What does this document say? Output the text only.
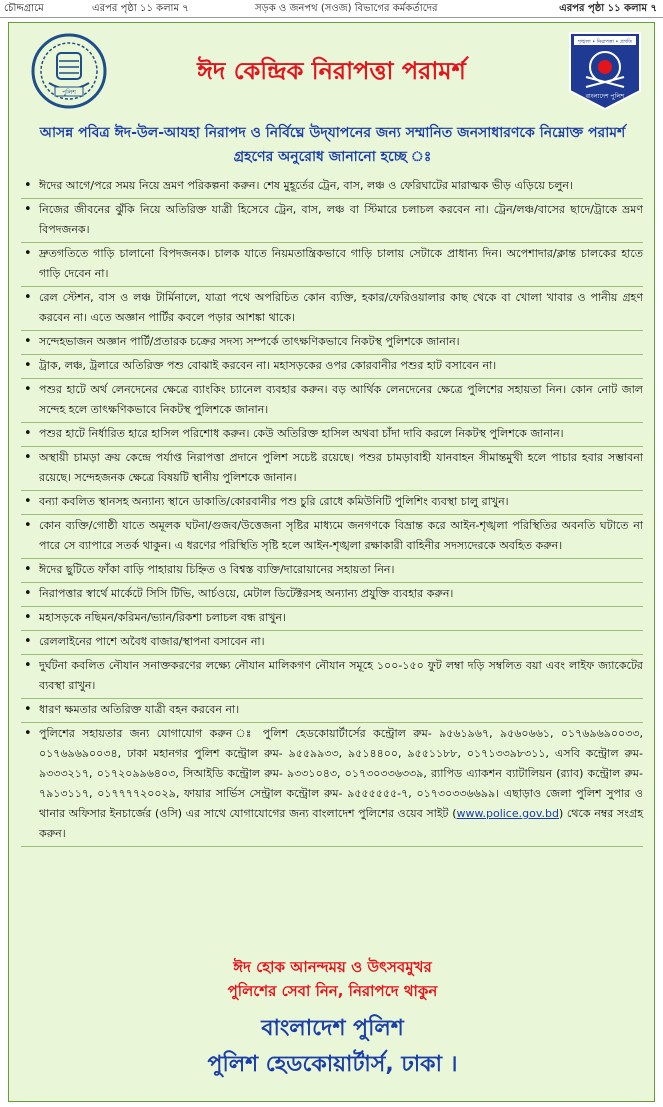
চৌদ্দগ্রামে	এরপর পৃষ্ঠা ১১ কলাম ৭	সড়ক ও জনপথ (সওজ) বিভাগের কর্মকর্তাদের	এরপর পৃষ্ঠা ১১ কলাম ৭
পুলিশ
শৃঙ্খলা • নিরাপত্তা • প্রগতি
বাংলাদেশ পুলিশ
ঈদ কেন্দ্রিক নিরাপত্তা পরামর্শ
আসন্ন পবিত্র ঈদ-উল-আযহা নিরাপদ ও নির্বিঘ্নে উদ্‌যাপনের জন্য সম্মানিত জনসাধারণকে নিম্নোক্ত পরামর্শ গ্রহণের অনুরোধ জানানো হচ্ছে ঃ
• ঈদের আগে/পরে সময় নিয়ে ভ্রমণ পরিকল্পনা করুন। শেষ মুহূর্তের ট্রেন, বাস, লঞ্চ ও ফেরিঘাটের মারাত্মক ভীড় এড়িয়ে চলুন।
• নিজের জীবনের ঝুঁকি নিয়ে অতিরিক্ত যাত্রী হিসেবে ট্রেন, বাস, লঞ্চ বা স্টিমারে চলাচল করবেন না। ট্রেন/লঞ্চ/বাসের ছাদে/ট্রাকে ভ্রমণ বিপদজনক।
• দ্রুতগতিতে গাড়ি চালানো বিপদজনক। চালক যাতে নিয়মতান্ত্রিকভাবে গাড়ি চালায় সেটাকে প্রাধান্য দিন। অপেশাদার/ক্লান্ত চালকের হাতে গাড়ি দেবেন না।
• রেল স্টেশন, বাস ও লঞ্চ টার্মিনালে, যাত্রা পথে অপরিচিত কোন ব্যক্তি, হকার/ফেরিওয়ালার কাছ থেকে বা খোলা খাবার ও পানীয় গ্রহণ করবেন না। এতে অজ্ঞান পার্টির কবলে পড়ার আশঙ্কা থাকে।
• সন্দেহভাজন অজ্ঞান পার্টি/প্রতারক চক্রের সদস্য সম্পর্কে তাৎক্ষণিকভাবে নিকটস্থ পুলিশকে জানান।
• ট্রাক, লঞ্চ, ট্রলারে অতিরিক্ত পশু বোঝাই করবেন না। মহাসড়কের ওপর কোরবানীর পশুর হাট বসাবেন না।
• পশুর হাটে অর্থ লেনদেনের ক্ষেত্রে ব্যাংকিং চ্যানেল ব্যবহার করুন। বড় আর্থিক লেনদেনের ক্ষেত্রে পুলিশের সহায়তা নিন। কোন নোট জাল সন্দেহ হলে তাৎক্ষণিকভাবে নিকটস্থ পুলিশকে জানান।
• পশুর হাটে নির্ধারিত হারে হাসিল পরিশোধ করুন। কেউ অতিরিক্ত হাসিল অথবা চাঁদা দাবি করলে নিকটস্থ পুলিশকে জানান।
• অস্থায়ী চামড়া ক্রয় কেন্দ্রে পর্যাপ্ত নিরাপত্তা প্রদানে পুলিশ সচেষ্ট রয়েছে। পশুর চামড়াবাহী যানবাহন সীমান্তমুখী হলে পাচার হবার সম্ভাবনা রয়েছে। সন্দেহজনক ক্ষেত্রে বিষয়টি স্থানীয় পুলিশকে জানান।
• বন্যা কবলিত স্থানসহ অন্যান্য স্থানে ডাকাতি/কোরবানীর পশু চুরি রোধে কমিউনিটি পুলিশিং ব্যবস্থা চালু রাখুন।
• কোন ব্যক্তি/গোষ্ঠী যাতে অমূলক ঘটনা/গুজব/উত্তেজনা সৃষ্টির মাধ্যমে জনগণকে বিভ্রান্ত করে আইন-শৃঙ্খলা পরিস্থিতির অবনতি ঘটাতে না পারে সে ব্যাপারে সতর্ক থাকুন। এ ধরণের পরিস্থিতি সৃষ্টি হলে আইন-শৃঙ্খলা রক্ষাকারী বাহিনীর সদস্যদেরকে অবহিত করুন।
• ঈদের ছুটিতে ফাঁকা বাড়ি পাহারায় চিহ্নিত ও বিশ্বস্ত ব্যক্তি/দারোয়ানের সহায়তা নিন।
• নিরাপত্তার স্বার্থে মার্কেটে সিসি টিভি, আর্চওয়ে, মেটাল ডিটেক্টরসহ অন্যান্য প্রযুক্তি ব্যবহার করুন।
• মহাসড়কে নছিমন/করিমন/ভ্যান/রিকশা চলাচল বন্ধ রাখুন।
• রেললাইনের পাশে অবৈধ বাজার/স্থাপনা বসাবেন না।
• দুর্ঘটনা কবলিত নৌযান সনাক্তকরণের লক্ষ্যে নৌযান মালিকগণ নৌযান সমূহে ১০০-১৫০ ফুট লম্বা দড়ি সম্বলিত বয়া এবং লাইফ জ্যাকেটের ব্যবস্থা রাখুন।
• ধারণ ক্ষমতার অতিরিক্ত যাত্রী বহন করবেন না।
• পুলিশের সহায়তার জন্য যোগাযোগ করুন ঃ পুলিশ হেডকোয়ার্টার্সের কন্ট্রোল রুম- ৯৫৬১৯৬৭, ৯৫৬০৬৬১, ০১৭৬৯৬৯০০৩৩, ০১৭৬৯৬৯০০৩৪, ঢাকা মহানগর পুলিশ কন্ট্রোল রুম- ৯৫৫৯৯৩৩, ৯৫১৪৪০০, ৯৫৫১১৮৮, ০১৭১৩৩৯৮৩১১, এসবি কন্ট্রোল রুম- ৯৩৩৩২১৭, ০১৭২০৯৯৬৪০৩, সিআইডি কন্ট্রোল রুম- ৯৩৩১০৪৩, ০১৭৩০৩৩৬৩৩৯, র‍্যাপিড এ্যাকশন ব্যাটালিয়ন (র‍্যাব) কন্ট্রোল রুম- ৭৯১৩১১৭, ০১৭৭৭৭২০০২৯, ফায়ার সার্ভিস সেন্ট্রাল কন্ট্রোল রুম- ৯৫৫৫৫৫৫-৭, ০১৭৩০৩৩৬৬৯৯। এছাড়াও জেলা পুলিশ সুপার ও থানার অফিসার ইনচার্জের (ওসি) এর সাথে যোগাযোগের জন্য বাংলাদেশ পুলিশের ওয়েব সাইট (www.police.gov.bd) থেকে নম্বর সংগ্রহ করুন।
ঈদ হোক আনন্দময় ও উৎসবমুখর
পুলিশের সেবা নিন, নিরাপদে থাকুন
বাংলাদেশ পুলিশ
পুলিশ হেডকোয়ার্টার্স, ঢাকা ।
